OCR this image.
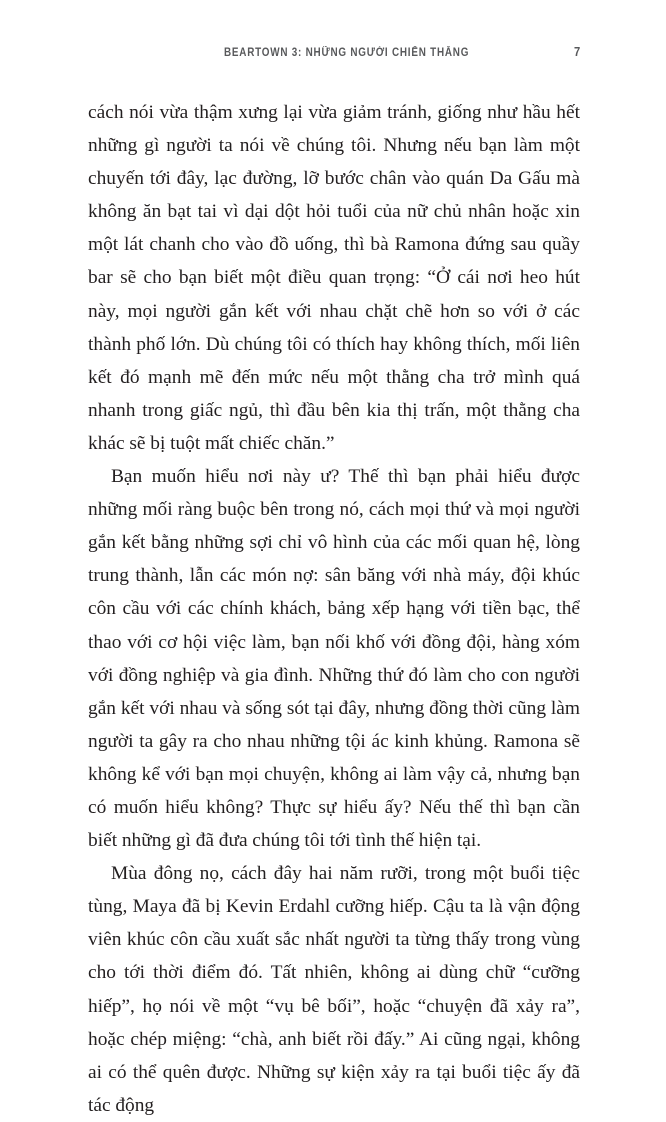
BEARTOWN 3: NHỮNG NGƯỜI CHIẾN THẮNG	7

cách nói vừa thậm xưng lại vừa giảm tránh, giống như hầu hết những gì người ta nói về chúng tôi. Nhưng nếu bạn làm một chuyến tới đây, lạc đường, lỡ bước chân vào quán Da Gấu mà không ăn bạt tai vì dại dột hỏi tuổi của nữ chủ nhân hoặc xin một lát chanh cho vào đồ uống, thì bà Ramona đứng sau quầy bar sẽ cho bạn biết một điều quan trọng: “Ở cái nơi heo hút này, mọi người gắn kết với nhau chặt chẽ hơn so với ở các thành phố lớn. Dù chúng tôi có thích hay không thích, mối liên kết đó mạnh mẽ đến mức nếu một thằng cha trở mình quá nhanh trong giấc ngủ, thì đầu bên kia thị trấn, một thằng cha khác sẽ bị tuột mất chiếc chăn.”

Bạn muốn hiểu nơi này ư? Thế thì bạn phải hiểu được những mối ràng buộc bên trong nó, cách mọi thứ và mọi người gắn kết bằng những sợi chỉ vô hình của các mối quan hệ, lòng trung thành, lẫn các món nợ: sân băng với nhà máy, đội khúc côn cầu với các chính khách, bảng xếp hạng với tiền bạc, thể thao với cơ hội việc làm, bạn nối khố với đồng đội, hàng xóm với đồng nghiệp và gia đình. Những thứ đó làm cho con người gắn kết với nhau và sống sót tại đây, nhưng đồng thời cũng làm người ta gây ra cho nhau những tội ác kinh khủng. Ramona sẽ không kể với bạn mọi chuyện, không ai làm vậy cả, nhưng bạn có muốn hiểu không? Thực sự hiểu ấy? Nếu thế thì bạn cần biết những gì đã đưa chúng tôi tới tình thế hiện tại.

Mùa đông nọ, cách đây hai năm rưỡi, trong một buổi tiệc tùng, Maya đã bị Kevin Erdahl cưỡng hiếp. Cậu ta là vận động viên khúc côn cầu xuất sắc nhất người ta từng thấy trong vùng cho tới thời điểm đó. Tất nhiên, không ai dùng chữ “cưỡng hiếp”, họ nói về một “vụ bê bối”, hoặc “chuyện đã xảy ra”, hoặc chép miệng: “chà, anh biết rồi đấy.” Ai cũng ngại, không ai có thể quên được. Những sự kiện xảy ra tại buổi tiệc ấy đã tác động
